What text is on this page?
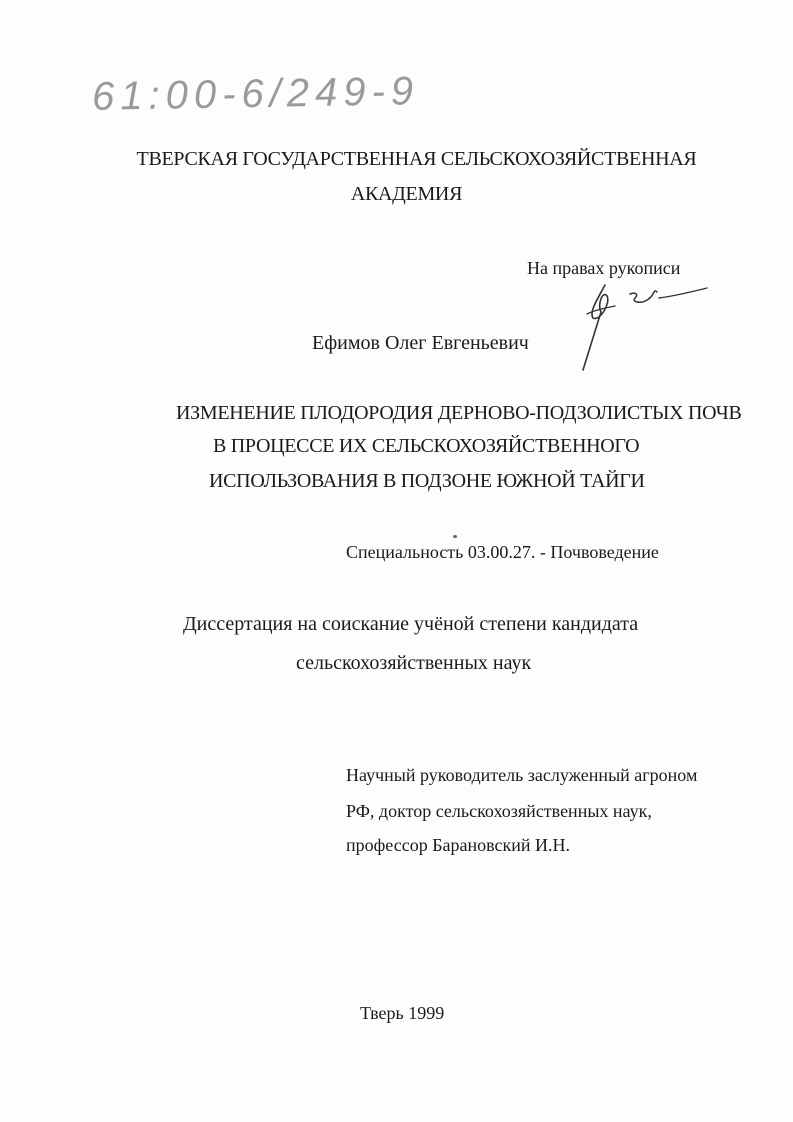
61:00-6/249-9
ТВЕРСКАЯ ГОСУДАРСТВЕННАЯ СЕЛЬСКОХОЗЯЙСТВЕННАЯ
АКАДЕМИЯ
На правах рукописи
Ефимов Олег Евгеньевич
ИЗМЕНЕНИЕ ПЛОДОРОДИЯ ДЕРНОВО-ПОДЗОЛИСТЫХ ПОЧВ
В ПРОЦЕССЕ ИХ СЕЛЬСКОХОЗЯЙСТВЕННОГО
ИСПОЛЬЗОВАНИЯ В ПОДЗОНЕ ЮЖНОЙ ТАЙГИ
Специальность 03.00.27. - Почвоведение
Диссертация на соискание учёной степени кандидата
сельскохозяйственных наук
Научный руководитель заслуженный агроном
РФ, доктор сельскохозяйственных наук,
профессор Барановский И.Н.
Тверь 1999
